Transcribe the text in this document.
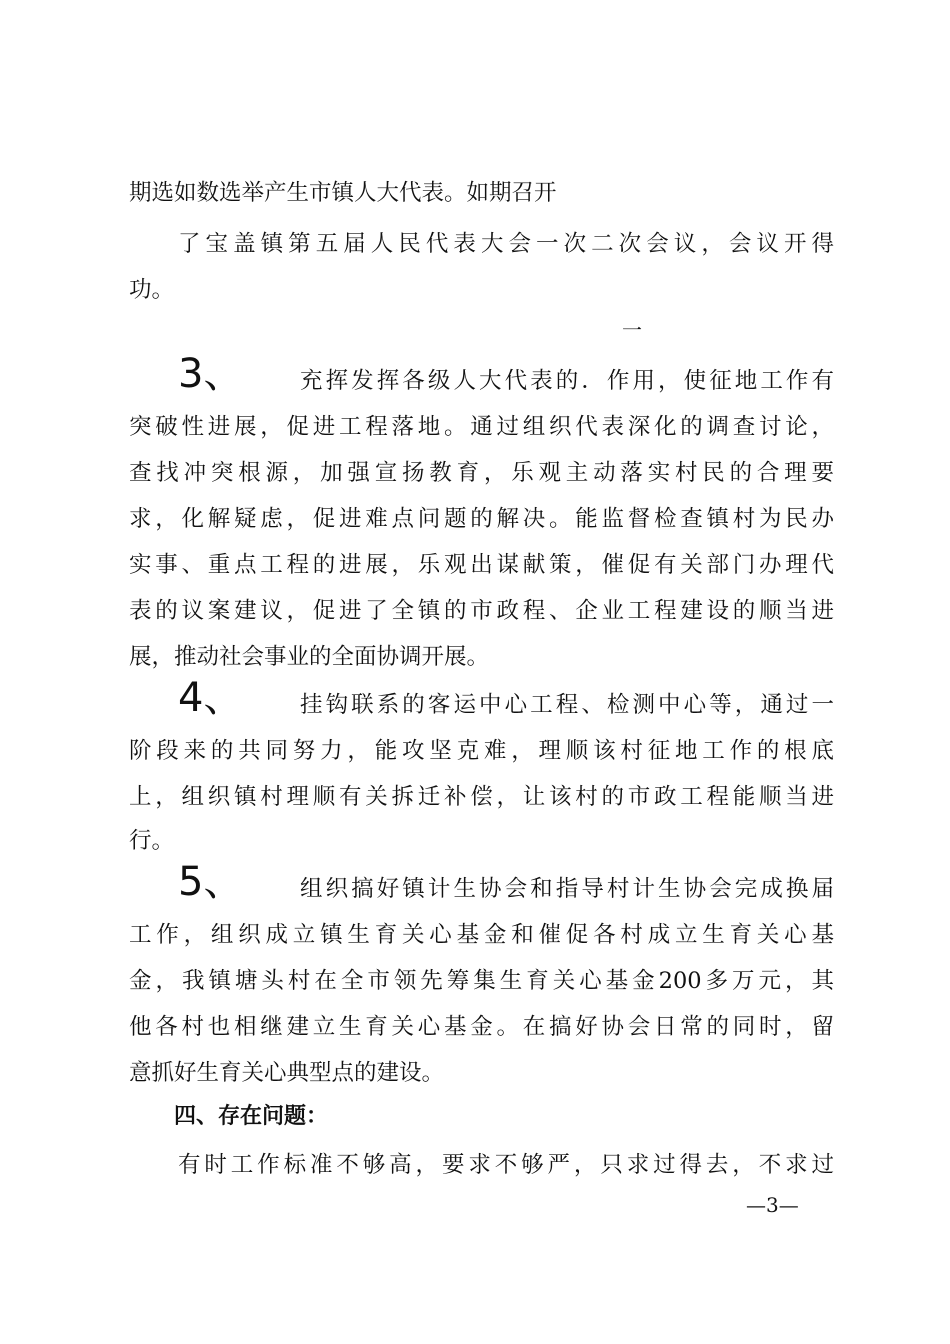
期选如数选举产生市镇人大代表。如期召开
了宝盖镇第五届人民代表大会一次二次会议，会议开得
功。
一
3、	充挥发挥各级人大代表的．作用，使征地工作有
突破性进展，促进工程落地。通过组织代表深化的调查讨论，
查找冲突根源，加强宣扬教育，乐观主动落实村民的合理要
求，化解疑虑，促进难点问题的解决。能监督检查镇村为民办
实事、重点工程的进展，乐观出谋献策，催促有关部门办理代
表的议案建议，促进了全镇的市政程、企业工程建设的顺当进
展，推动社会事业的全面协调开展。
4、	挂钩联系的客运中心工程、检测中心等，通过一
阶段来的共同努力，能攻坚克难，理顺该村征地工作的根底
上，组织镇村理顺有关拆迁补偿，让该村的市政工程能顺当进
行。
5、	组织搞好镇计生协会和指导村计生协会完成换届
工作，组织成立镇生育关心基金和催促各村成立生育关心基
金，我镇塘头村在全市领先筹集生育关心基金200多万元，其
他各村也相继建立生育关心基金。在搞好协会日常的同时，留
意抓好生育关心典型点的建设。
四、存在问题：
有时工作标准不够高，要求不够严，只求过得去，不求过
—3—
